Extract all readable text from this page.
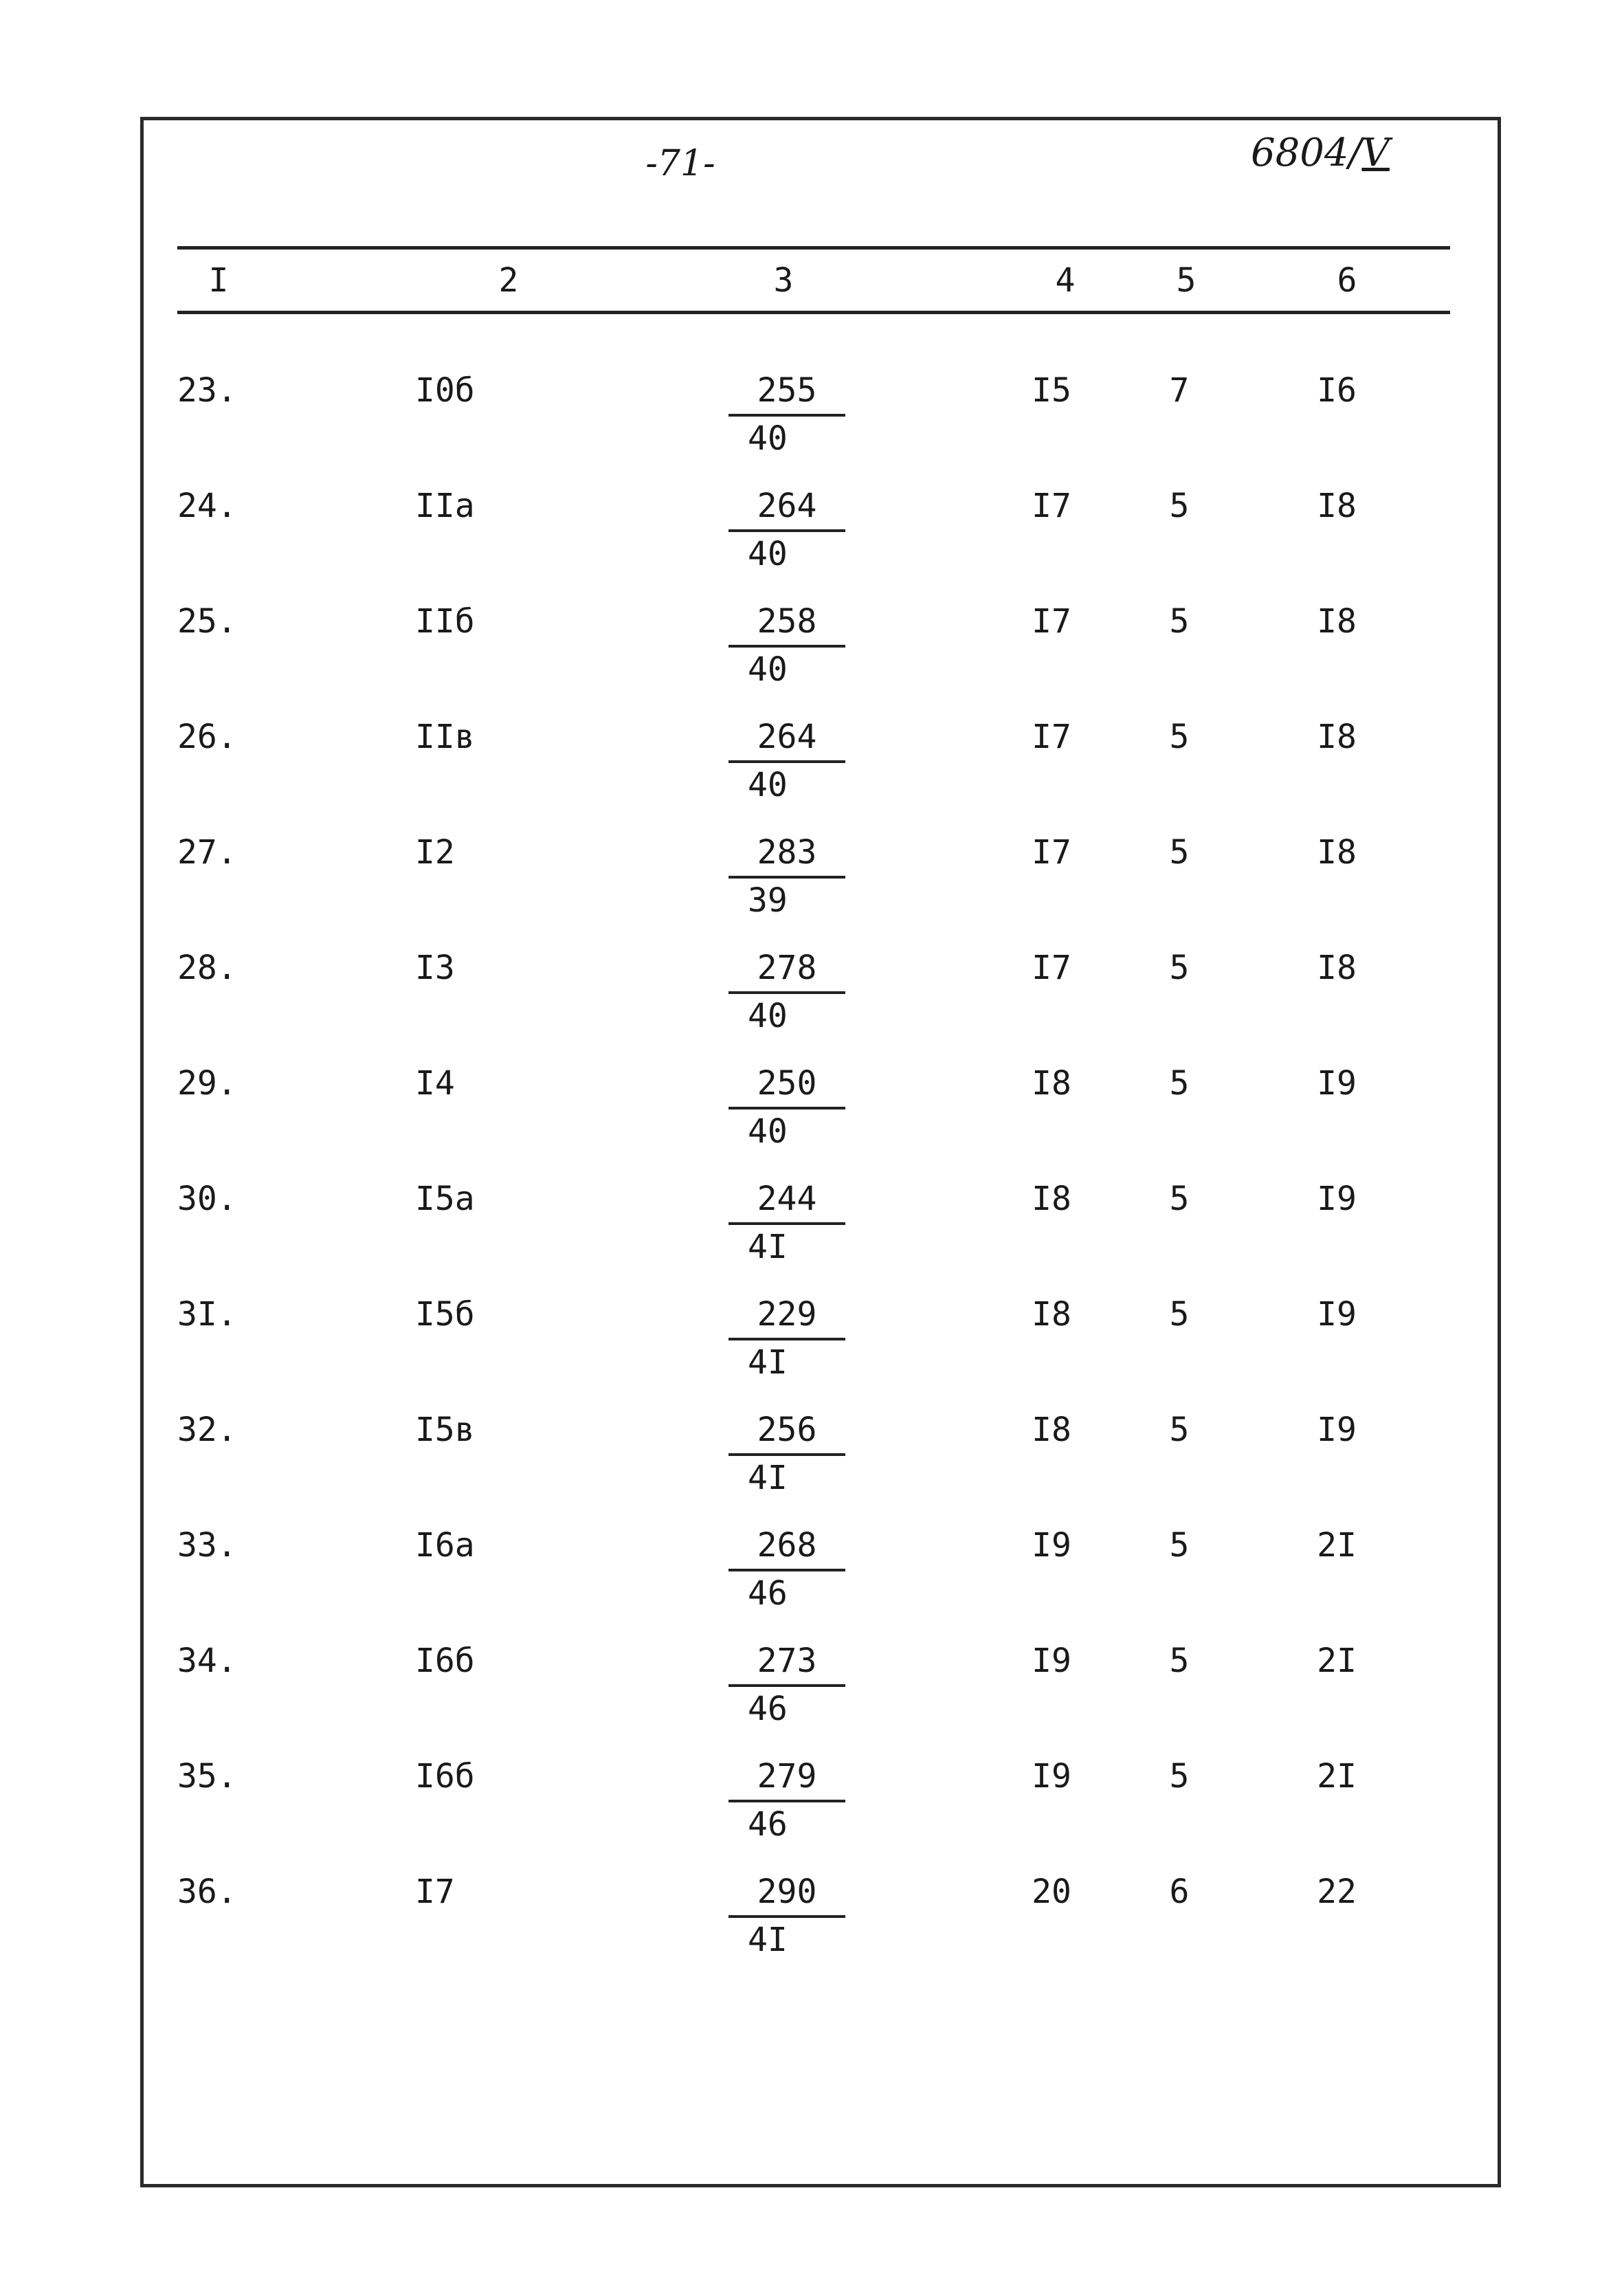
-71-	6804/V
I	2	3	4	5	6
23.	I0б	$\frac{255}{40}$	I5	7	I6
24.	IIa	$\frac{264}{40}$	I7	5	I8
25.	IIб	$\frac{258}{40}$	I7	5	I8
26.	IIв	$\frac{264}{40}$	I7	5	I8
27.	I2	$\frac{283}{39}$	I7	5	I8
28.	I3	$\frac{278}{40}$	I7	5	I8
29.	I4	$\frac{250}{40}$	I8	5	I9
30.	I5a	$\frac{244}{4I}$	I8	5	I9
3I.	I5б	$\frac{229}{4I}$	I8	5	I9
32.	I5в	$\frac{256}{4I}$	I8	5	I9
33.	I6a	$\frac{268}{46}$	I9	5	2I
34.	I6б	$\frac{273}{46}$	I9	5	2I
35.	I6б	$\frac{279}{46}$	I9	5	2I
36.	I7	$\frac{290}{4I}$	20	6	22
